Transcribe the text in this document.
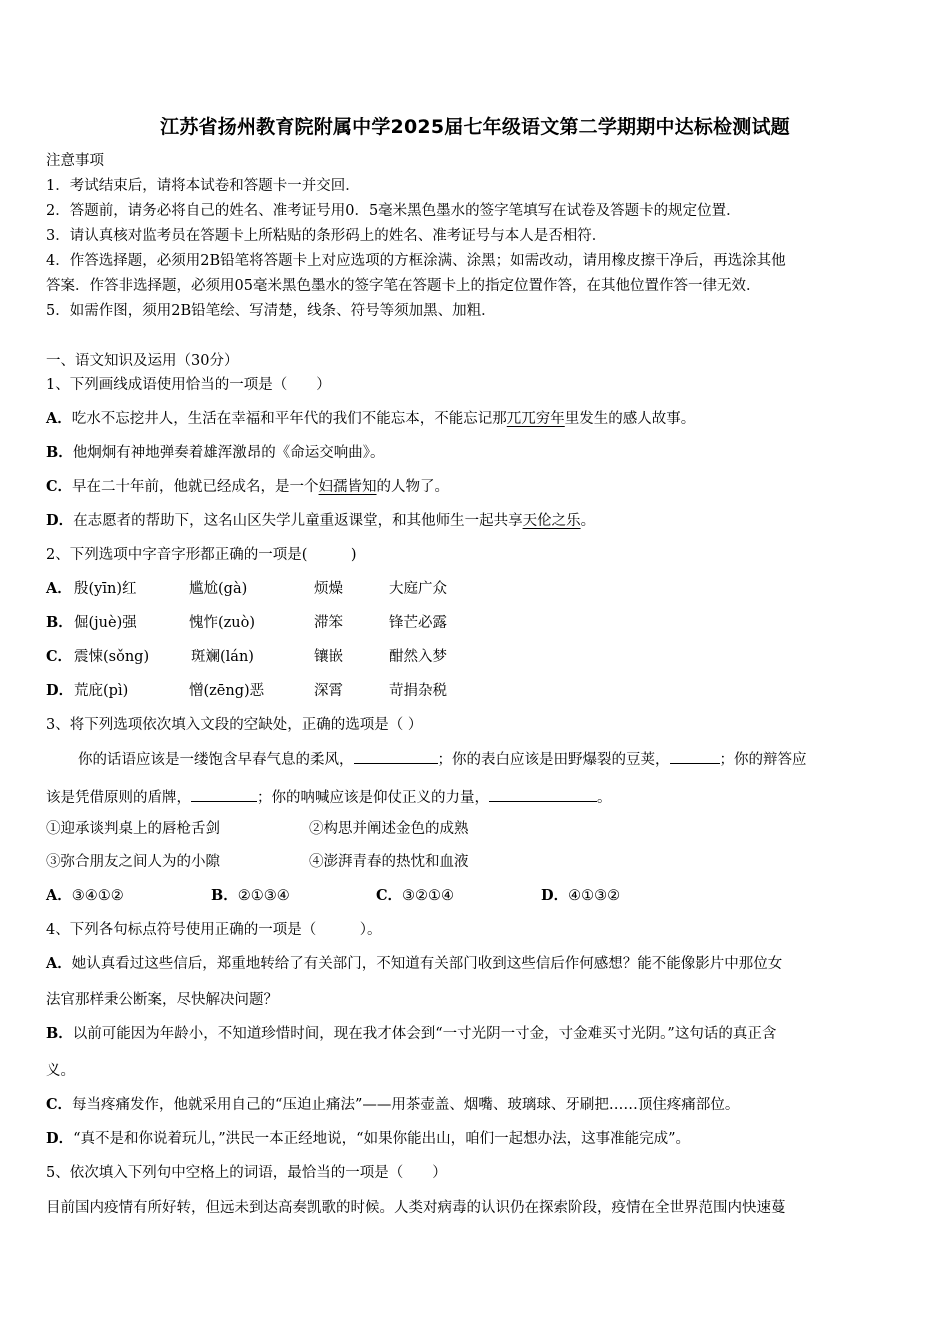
江苏省扬州教育院附属中学2025届七年级语文第二学期期中达标检测试题
注意事项
1．考试结束后，请将本试卷和答题卡一并交回．
2．答题前，请务必将自己的姓名、准考证号用0．5毫米黑色墨水的签字笔填写在试卷及答题卡的规定位置．
3．请认真核对监考员在答题卡上所粘贴的条形码上的姓名、准考证号与本人是否相符．
4．作答选择题，必须用2B铅笔将答题卡上对应选项的方框涂满、涂黑；如需改动，请用橡皮擦干净后，再选涂其他
答案．作答非选择题，必须用05毫米黑色墨水的签字笔在答题卡上的指定位置作答，在其他位置作答一律无效．
5．如需作图，须用2B铅笔绘、写清楚，线条、符号等须加黑、加粗．
一、语文知识及运用（30分）
1、下列画线成语使用恰当的一项是（　　）
A．吃水不忘挖井人，生活在幸福和平年代的我们不能忘本，不能忘记那兀兀穷年里发生的感人故事。
B．他炯炯有神地弹奏着雄浑激昂的《命运交响曲》。
C．早在二十年前，他就已经成名，是一个妇孺皆知的人物了。
D．在志愿者的帮助下，这名山区失学儿童重返课堂，和其他师生一起共享天伦之乐。
2、下列选项中字音字形都正确的一项是(　　　)
A． 殷(yīn)红	尴尬(gà)	烦燥	大庭广众
B． 倔(juè)强	愧怍(zuò)	滞笨	锋芒必露
C． 震悚(sǒng)	斑斓(lán)	镶嵌	酣然入梦
D． 荒庇(pì)	憎(zēng)恶	深霄	苛捐杂税
3、将下列选项依次填入文段的空缺处，正确的选项是（ ）
你的话语应该是一缕饱含早春气息的柔风，	；你的表白应该是田野爆裂的豆荚，	；你的辩答应
该是凭借原则的盾牌，	；你的呐喊应该是仰仗正义的力量，	。
①迎承谈判桌上的唇枪舌剑	②构思并阐述金色的成熟
③弥合朋友之间人为的小隙	④澎湃青春的热忱和血液
A．③④①②	B．②①③④	C．③②①④	D．④①③②
4、下列各句标点符号使用正确的一项是（　　　）。
A．她认真看过这些信后，郑重地转给了有关部门，不知道有关部门收到这些信后作何感想？能不能像影片中那位女
法官那样秉公断案，尽快解决问题？
B．以前可能因为年龄小，不知道珍惜时间，现在我才体会到“一寸光阴一寸金，寸金难买寸光阴。”这句话的真正含
义。
C．每当疼痛发作，他就采用自己的“压迫止痛法”——用茶壶盖、烟嘴、玻璃球、牙刷把……顶住疼痛部位。
D．“真不是和你说着玩儿，”洪民一本正经地说，“如果你能出山，咱们一起想办法，这事准能完成”。
5、依次填入下列句中空格上的词语，最恰当的一项是（　　）
目前国内疫情有所好转，但远未到达高奏凯歌的时候。人类对病毒的认识仍在探索阶段，疫情在全世界范围内快速蔓
